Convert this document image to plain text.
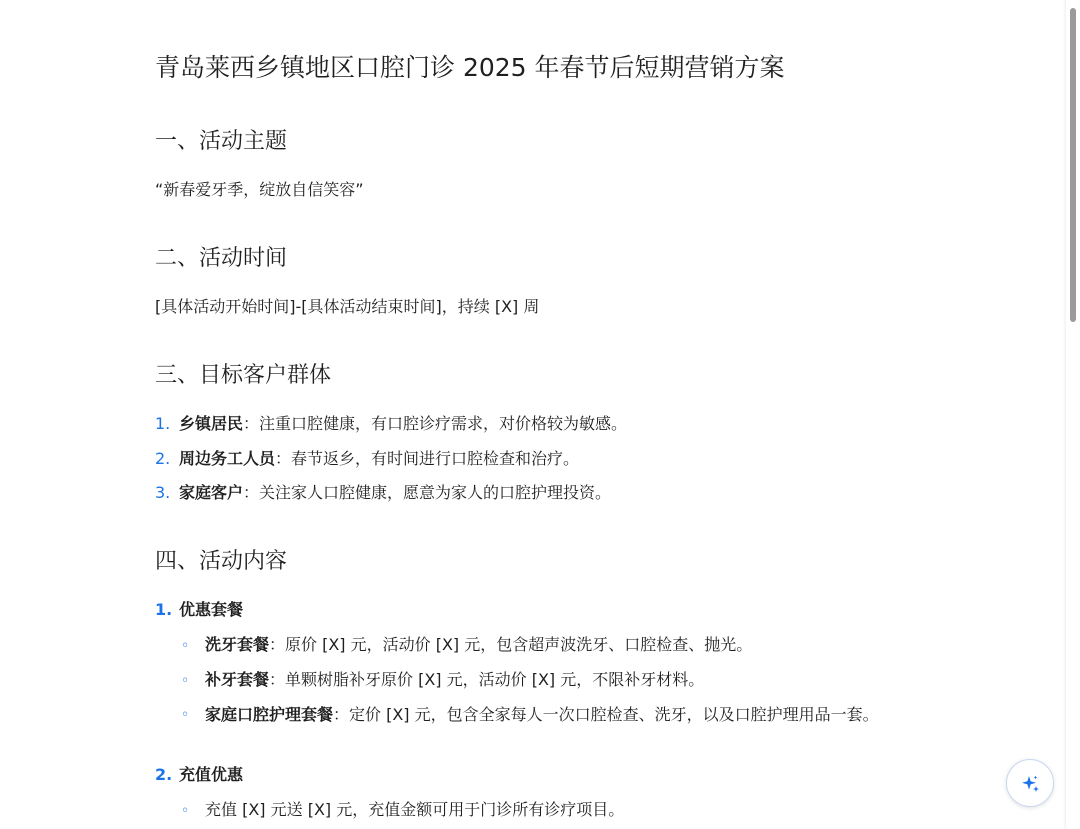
青岛莱西乡镇地区口腔门诊 2025 年春节后短期营销方案
一、活动主题
“新春爱牙季，绽放自信笑容”
二、活动时间
[具体活动开始时间]-[具体活动结束时间]，持续 [X] 周
三、目标客户群体
1. 乡镇居民：注重口腔健康，有口腔诊疗需求，对价格较为敏感。
2. 周边务工人员：春节返乡，有时间进行口腔检查和治疗。
3. 家庭客户：关注家人口腔健康，愿意为家人的口腔护理投资。
四、活动内容
1. 优惠套餐
◦ 洗牙套餐：原价 [X] 元，活动价 [X] 元，包含超声波洗牙、口腔检查、抛光。
◦ 补牙套餐：单颗树脂补牙原价 [X] 元，活动价 [X] 元，不限补牙材料。
◦ 家庭口腔护理套餐：定价 [X] 元，包含全家每人一次口腔检查、洗牙，以及口腔护理用品一套。
2. 充值优惠
◦ 充值 [X] 元送 [X] 元，充值金额可用于门诊所有诊疗项目。
